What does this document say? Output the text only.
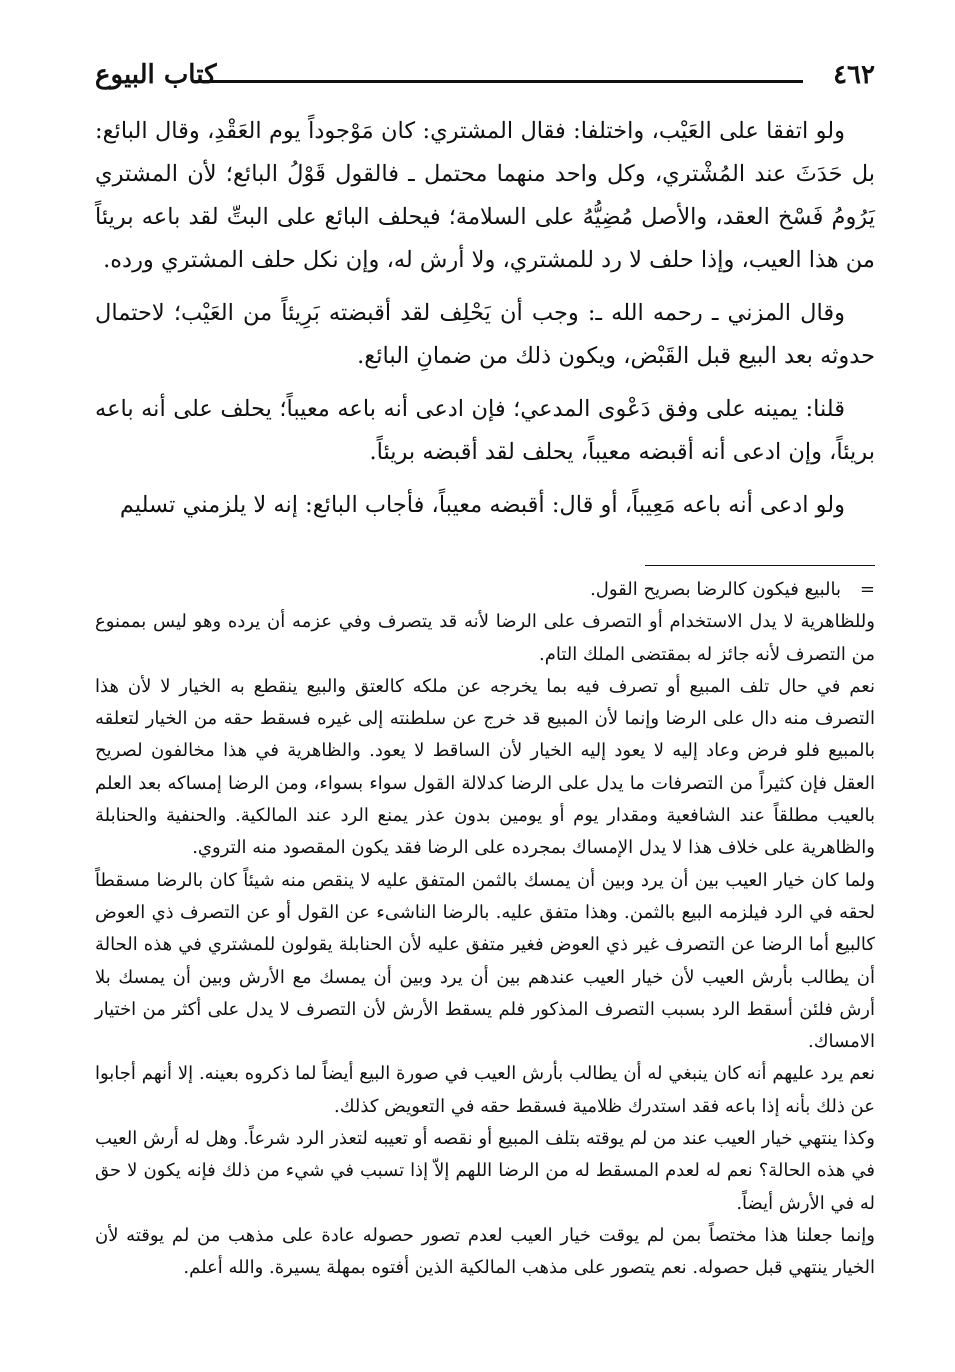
٤٦٢
كتاب البيوع

ولو اتفقا على العَيْب، واختلفا: فقال المشتري: كان مَوْجوداً يوم العَقْدِ، وقال البائع: بل حَدَثَ عند المُشْتري، وكل واحد منهما محتمل ـ فالقول قَوْلُ البائع؛ لأن المشتري يَرُومُ فَسْخ العقد، والأصل مُضِيُّهُ على السلامة؛ فيحلف البائع على البتِّ لقد باعه بريئاً من هذا العيب، وإذا حلف لا رد للمشتري، ولا أرش له، وإن نكل حلف المشتري ورده.

وقال المزني ـ رحمه الله ـ: وجب أن يَحْلِف لقد أقبضته بَرِيئاً من العَيْب؛ لاحتمال حدوثه بعد البيع قبل القَبْض، ويكون ذلك من ضمانِ البائع.

قلنا: يمينه على وفق دَعْوى المدعي؛ فإن ادعى أنه باعه معيباً؛ يحلف على أنه باعه بريئاً، وإن ادعى أنه أقبضه معيباً، يحلف لقد أقبضه بريئاً.

ولو ادعى أنه باعه مَعِيباً، أو قال: أقبضه معيباً، فأجاب البائع: إنه لا يلزمني تسليم

=بالبيع فيكون كالرضا بصريح القول.

وللظاهرية لا يدل الاستخدام أو التصرف على الرضا لأنه قد يتصرف وفي عزمه أن يرده وهو ليس بممنوع من التصرف لأنه جائز له بمقتضى الملك التام.

نعم في حال تلف المبيع أو تصرف فيه بما يخرجه عن ملكه كالعتق والبيع ينقطع به الخيار لا لأن هذا التصرف منه دال على الرضا وإنما لأن المبيع قد خرج عن سلطنته إلى غيره فسقط حقه من الخيار لتعلقه بالمبيع فلو فرض وعاد إليه لا يعود إليه الخيار لأن الساقط لا يعود. والظاهرية في هذا مخالفون لصريح العقل فإن كثيراً من التصرفات ما يدل على الرضا كدلالة القول سواء بسواء، ومن الرضا إمساكه بعد العلم بالعيب مطلقاً عند الشافعية ومقدار يوم أو يومين بدون عذر يمنع الرد عند المالكية. والحنفية والحنابلة والظاهرية على خلاف هذا لا يدل الإمساك بمجرده على الرضا فقد يكون المقصود منه التروي.

ولما كان خيار العيب بين أن يرد وبين أن يمسك بالثمن المتفق عليه لا ينقص منه شيئاً كان بالرضا مسقطاً لحقه في الرد فيلزمه البيع بالثمن. وهذا متفق عليه. بالرضا الناشىء عن القول أو عن التصرف ذي العوض كالبيع أما الرضا عن التصرف غير ذي العوض فغير متفق عليه لأن الحنابلة يقولون للمشتري في هذه الحالة أن يطالب بأرش العيب لأن خيار العيب عندهم بين أن يرد وبين أن يمسك مع الأرش وبين أن يمسك بلا أرش فلئن أسقط الرد بسبب التصرف المذكور فلم يسقط الأرش لأن التصرف لا يدل على أكثر من اختيار الامساك.

نعم يرد عليهم أنه كان ينبغي له أن يطالب بأرش العيب في صورة البيع أيضاً لما ذكروه بعينه. إلا أنهم أجابوا عن ذلك بأنه إذا باعه فقد استدرك ظلامية فسقط حقه في التعويض كذلك.

وكذا ينتهي خيار العيب عند من لم يوقته بتلف المبيع أو نقصه أو تعيبه لتعذر الرد شرعاً. وهل له أرش العيب في هذه الحالة؟ نعم له لعدم المسقط له من الرضا اللهم إلاّ إذا تسبب في شيء من ذلك فإنه يكون لا حق له في الأرش أيضاً.

وإنما جعلنا هذا مختصاً بمن لم يوقت خيار العيب لعدم تصور حصوله عادة على مذهب من لم يوقته لأن الخيار ينتهي قبل حصوله. نعم يتصور على مذهب المالكية الذين أفتوه بمهلة يسيرة. والله أعلم.
